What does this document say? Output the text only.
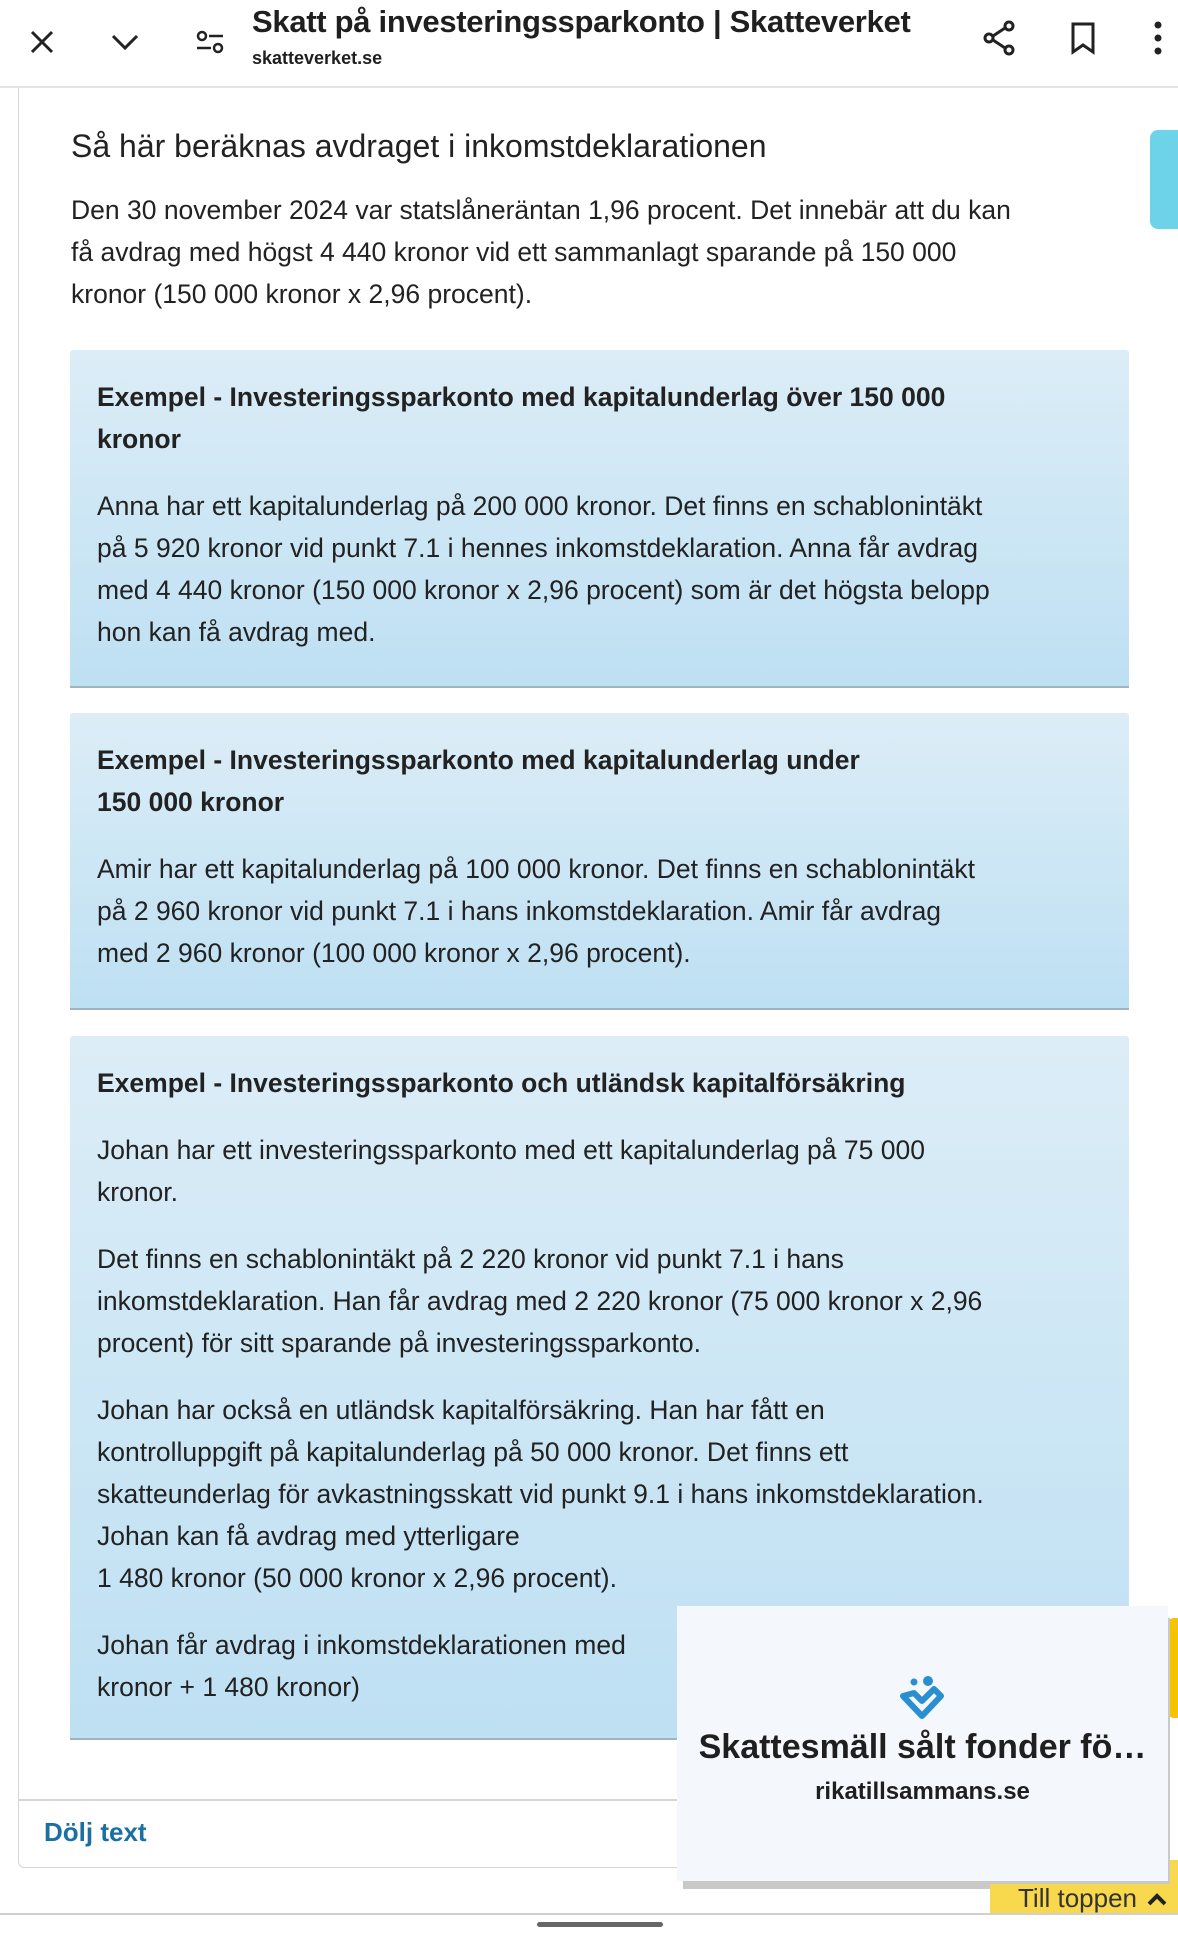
Skatt på investeringssparkonto | Skatteverket
skatteverket.se
Så här beräknas avdraget i inkomstdeklarationen
Den 30 november 2024 var statslåneräntan 1,96 procent. Det innebär att du kan
få avdrag med högst 4 440 kronor vid ett sammanlagt sparande på 150 000
kronor (150 000 kronor x 2,96 procent).
Exempel - Investeringssparkonto med kapitalunderlag över 150 000
kronor
Anna har ett kapitalunderlag på 200 000 kronor. Det finns en schablonintäkt
på 5 920 kronor vid punkt 7.1 i hennes inkomstdeklaration. Anna får avdrag
med 4 440 kronor (150 000 kronor x 2,96 procent) som är det högsta belopp
hon kan få avdrag med.
Exempel - Investeringssparkonto med kapitalunderlag under
150 000 kronor
Amir har ett kapitalunderlag på 100 000 kronor. Det finns en schablonintäkt
på 2 960 kronor vid punkt 7.1 i hans inkomstdeklaration. Amir får avdrag
med 2 960 kronor (100 000 kronor x 2,96 procent).
Exempel - Investeringssparkonto och utländsk kapitalförsäkring
Johan har ett investeringssparkonto med ett kapitalunderlag på 75 000
kronor.
Det finns en schablonintäkt på 2 220 kronor vid punkt 7.1 i hans
inkomstdeklaration. Han får avdrag med 2 220 kronor (75 000 kronor x 2,96
procent) för sitt sparande på investeringssparkonto.
Johan har också en utländsk kapitalförsäkring. Han har fått en
kontrolluppgift på kapitalunderlag på 50 000 kronor. Det finns ett
skatteunderlag för avkastningsskatt vid punkt 9.1 i hans inkomstdeklaration.
Johan kan få avdrag med ytterligare
1 480 kronor (50 000 kronor x 2,96 procent).
Johan får avdrag i inkomstdeklarationen med
kronor + 1 480 kronor)
Dölj text
Till toppen
Skattesmäll sålt fonder fö…
rikatillsammans.se
